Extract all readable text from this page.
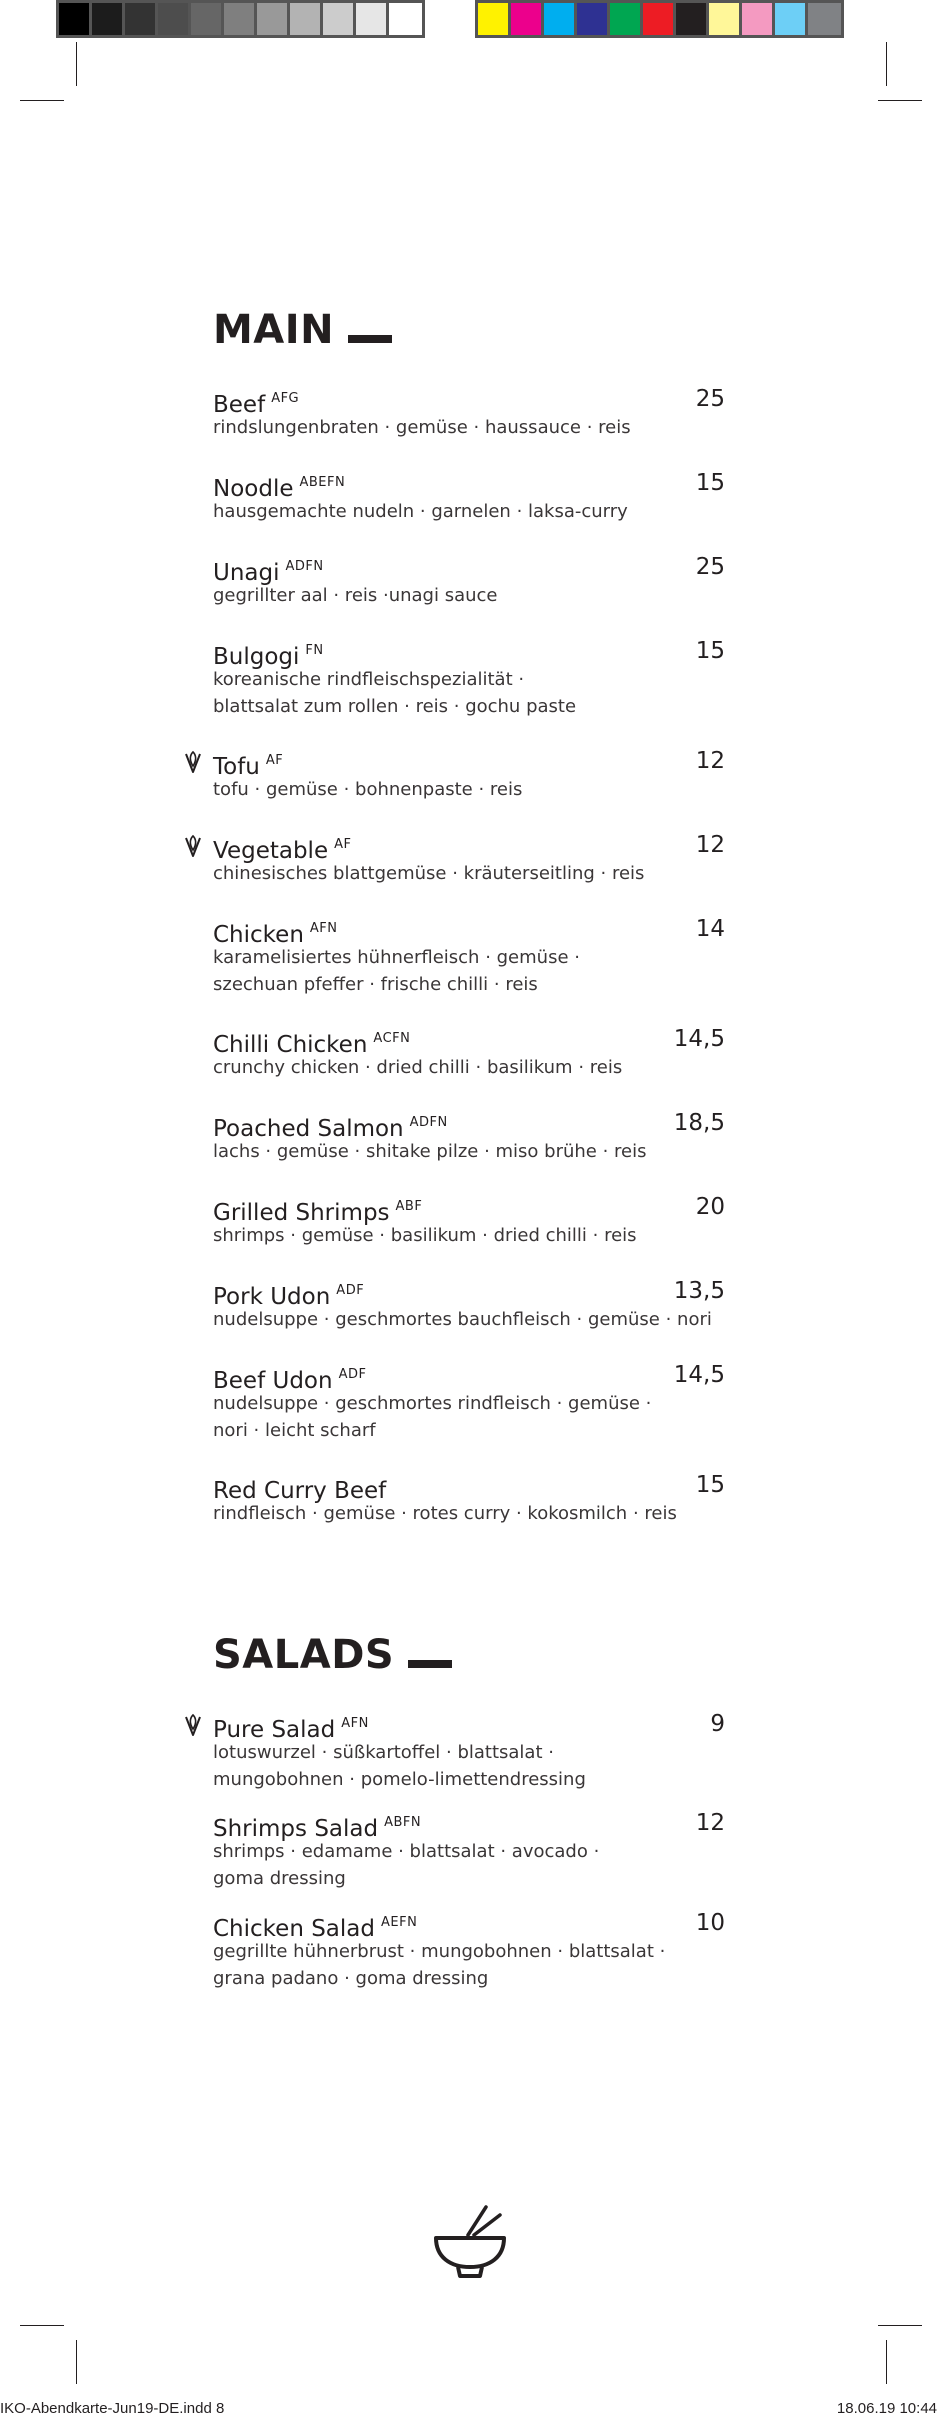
MAIN
Beef $^{AFG}$	25
rindslungenbraten · gemüse · haussauce · reis
Noodle $^{ABEFN}$	15
hausgemachte nudeln · garnelen · laksa-curry
Unagi $^{ADFN}$	25
gegrillter aal · reis ·unagi sauce
Bulgogi $^{FN}$	15
koreanische rindfleischspezialität ·
blattsalat zum rollen · reis · gochu paste
Tofu $^{AF}$	12
tofu · gemüse · bohnenpaste · reis
Vegetable $^{AF}$	12
chinesisches blattgemüse · kräuterseitling · reis
Chicken $^{AFN}$	14
karamelisiertes hühnerfleisch · gemüse ·
szechuan pfeffer · frische chilli · reis
Chilli Chicken $^{ACFN}$	14,5
crunchy chicken · dried chilli · basilikum · reis
Poached Salmon $^{ADFN}$	18,5
lachs · gemüse · shitake pilze · miso brühe · reis
Grilled Shrimps $^{ABF}$	20
shrimps · gemüse · basilikum · dried chilli · reis
Pork Udon $^{ADF}$	13,5
nudelsuppe · geschmortes bauchfleisch · gemüse · nori
Beef Udon $^{ADF}$	14,5
nudelsuppe · geschmortes rindfleisch · gemüse ·
nori · leicht scharf
Red Curry Beef	15
rindfleisch · gemüse · rotes curry · kokosmilch · reis
SALADS
Pure Salad $^{AFN}$	9
lotuswurzel · süßkartoffel · blattsalat ·
mungobohnen · pomelo-limettendressing
Shrimps Salad $^{ABFN}$	12
shrimps · edamame · blattsalat · avocado ·
goma dressing
Chicken Salad $^{AEFN}$	10
gegrillte hühnerbrust · mungobohnen · blattsalat ·
grana padano · goma dressing
IKO-Abendkarte-Jun19-DE.indd 8	18.06.19 10:44
